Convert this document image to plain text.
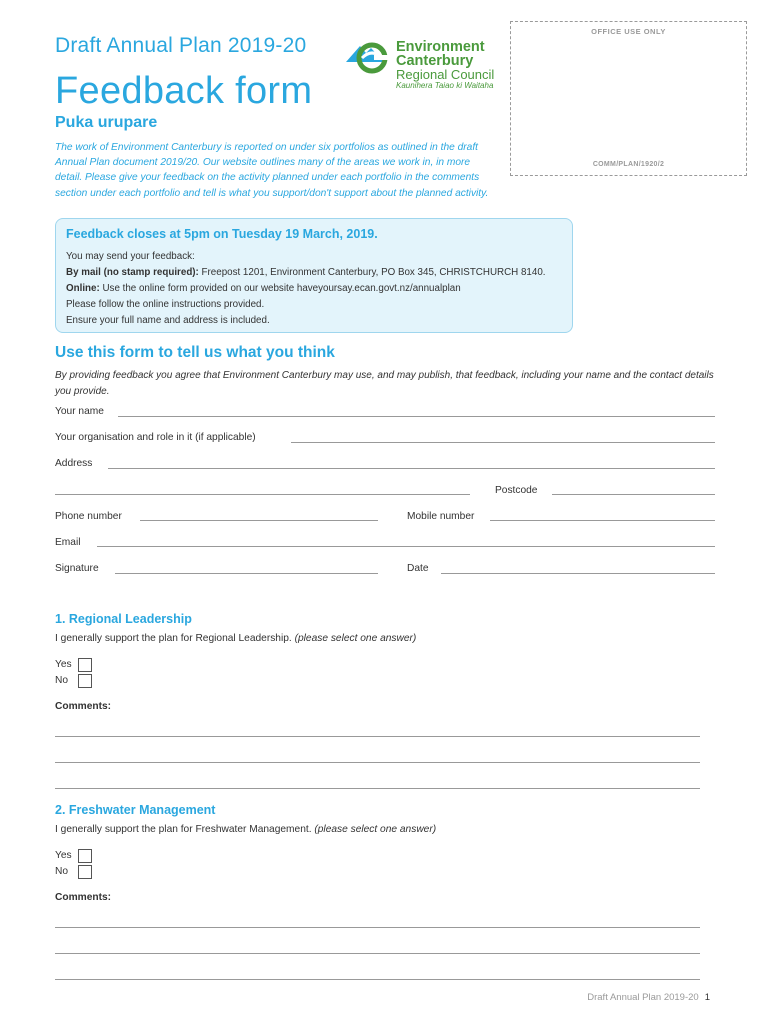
OFFICE USE ONLY
COMM/PLAN/1920/2
Draft Annual Plan 2019-20
Feedback form
Puka urupare
Environment
Canterbury
Regional Council
Kaunihera Taiao ki Waitaha
The work of Environment Canterbury is reported on under six portfolios as outlined in the draft Annual Plan document 2019/20. Our website outlines many of the areas we work in, in more detail. Please give your feedback on the activity planned under each portfolio in the comments section under each portfolio and tell is what you support/don't support about the planned activity.
Feedback closes at 5pm on Tuesday 19 March, 2019.
You may send your feedback:
By mail (no stamp required): Freepost 1201, Environment Canterbury, PO Box 345, CHRISTCHURCH 8140.
Online: Use the online form provided on our website haveyoursay.ecan.govt.nz/annualplan
Please follow the online instructions provided.
Ensure your full name and address is included.
Use this form to tell us what you think
By providing feedback you agree that Environment Canterbury may use, and may publish, that feedback, including your name and the contact details you provide.
Your name
Your organisation and role in it (if applicable)
Address
Postcode
Phone number	Mobile number
Email
Signature	Date
1. Regional Leadership
I generally support the plan for Regional Leadership. (please select one answer)
Yes
No
Comments:
2. Freshwater Management
I generally support the plan for Freshwater Management. (please select one answer)
Yes
No
Comments:
Draft Annual Plan 2019-20 1
